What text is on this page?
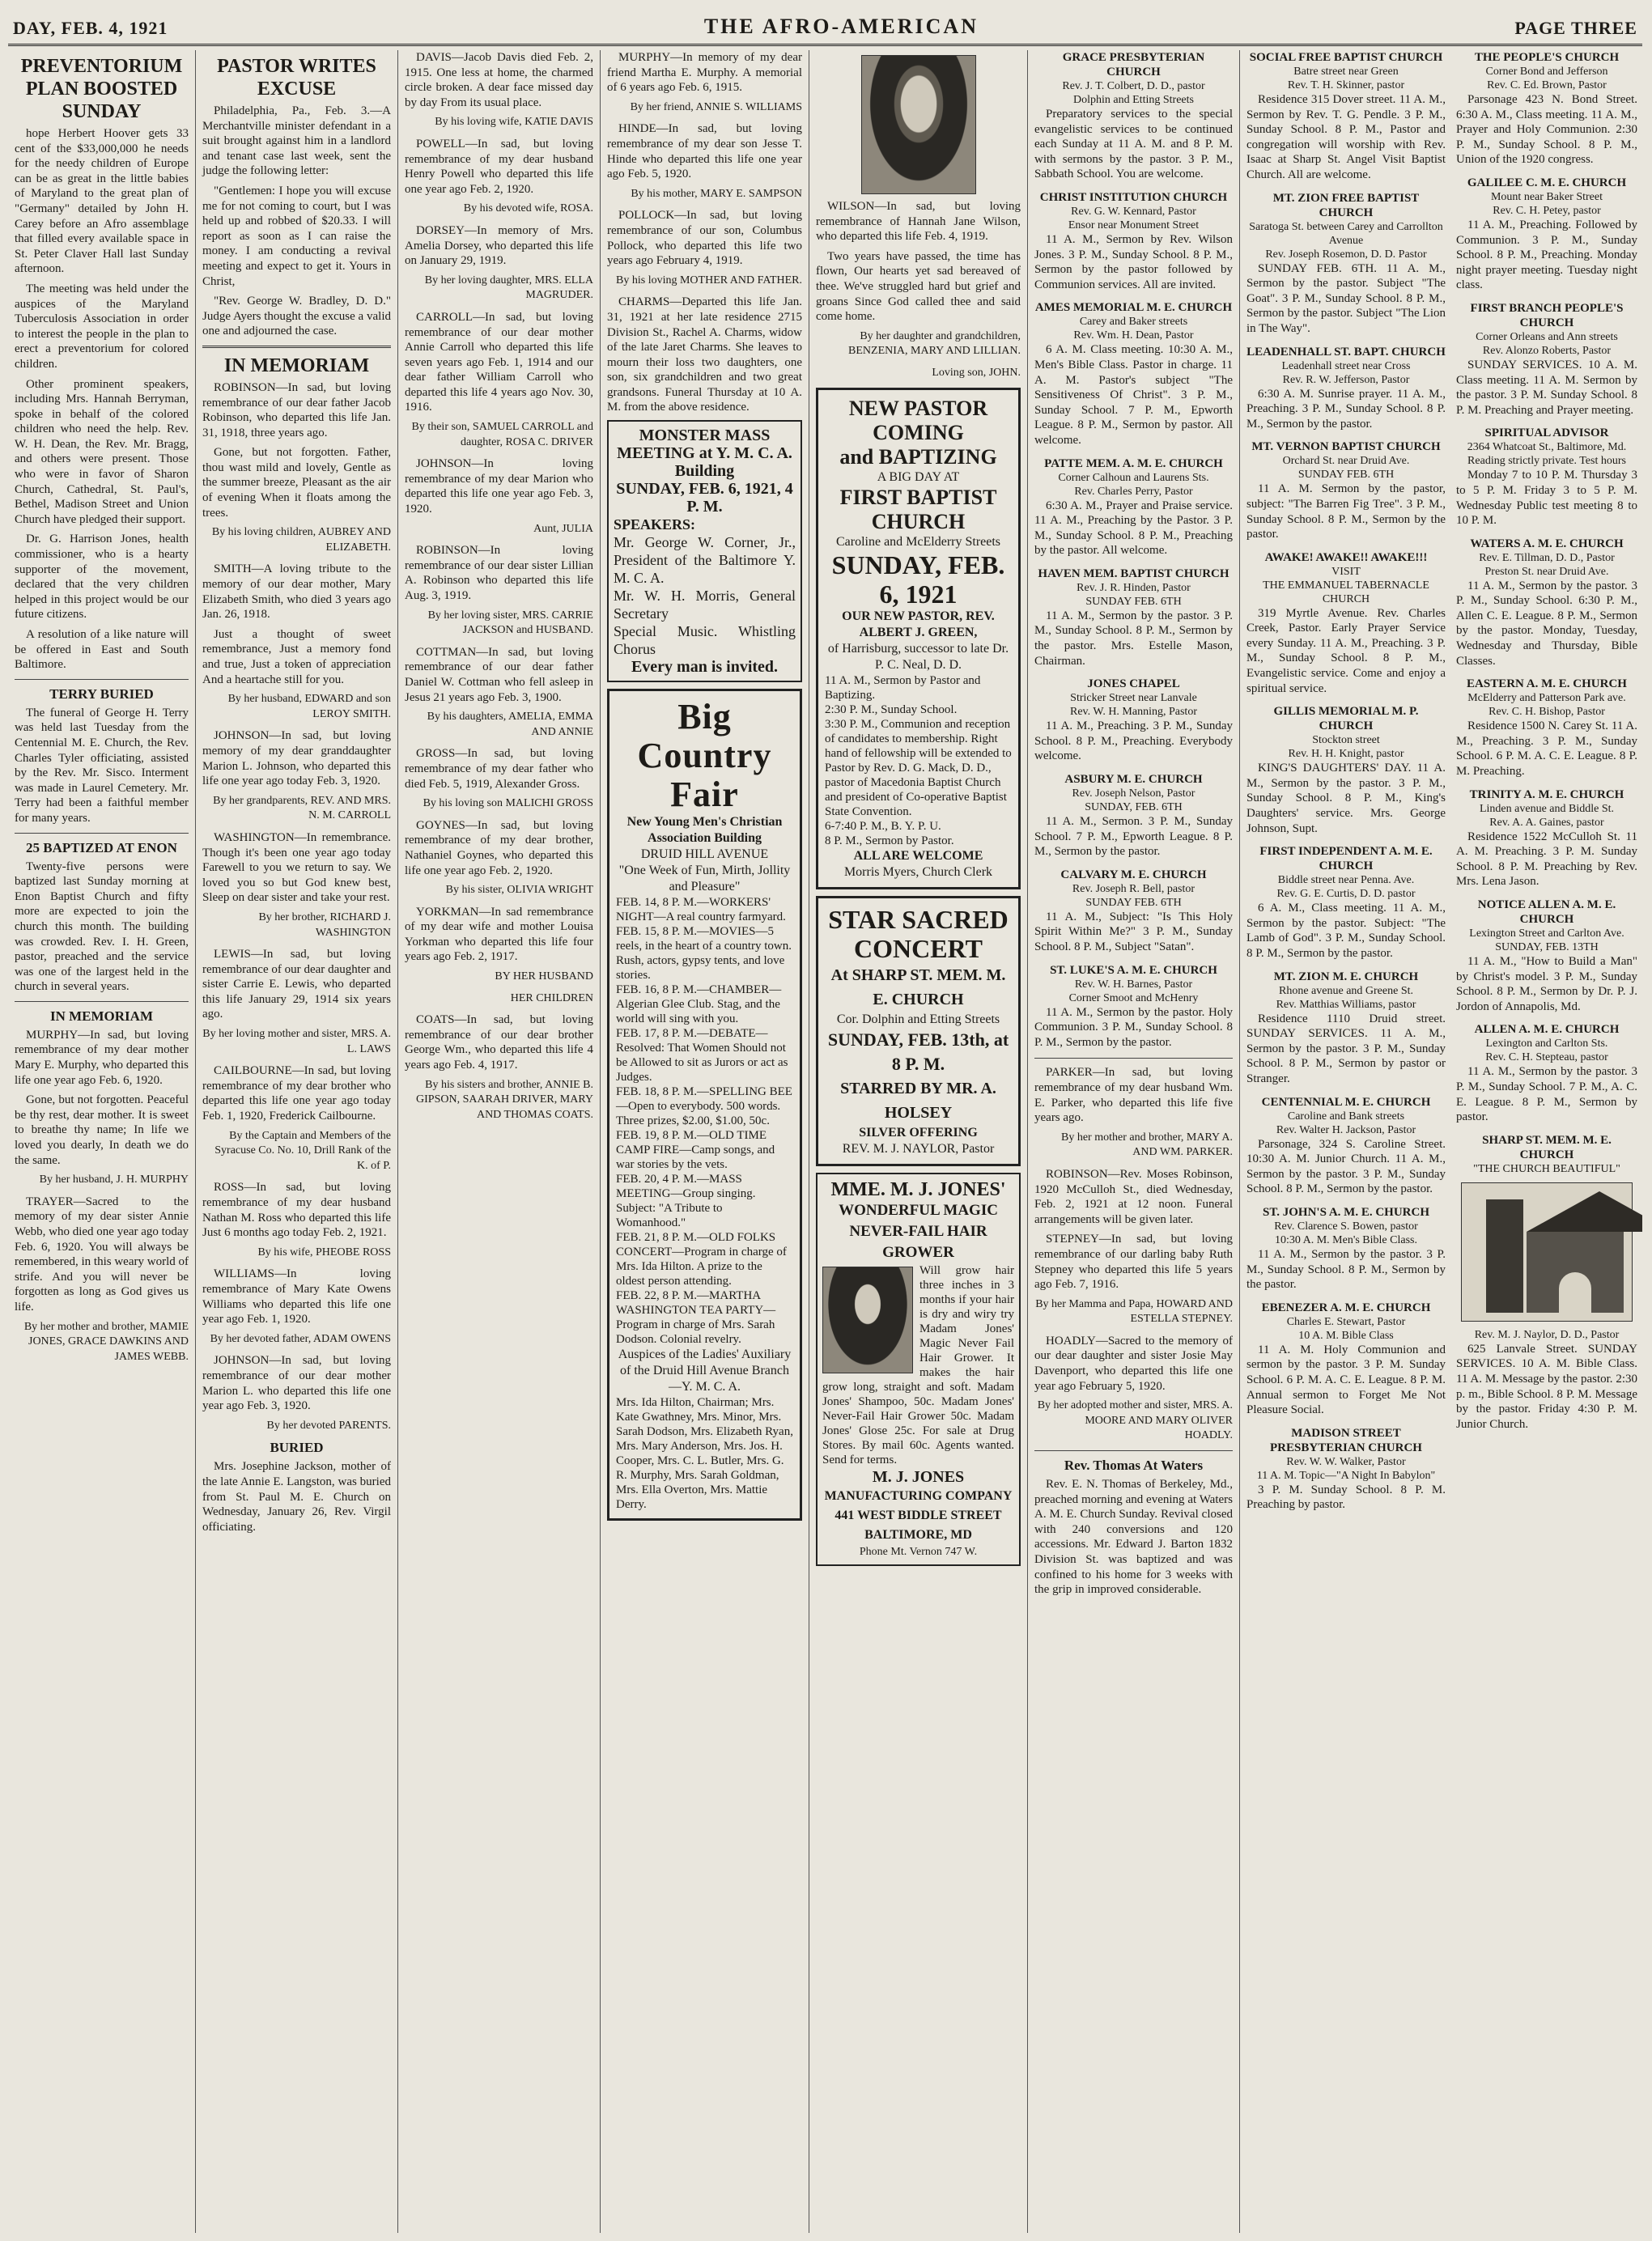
DAY, FEB. 4, 1921	THE AFRO-AMERICAN	PAGE THREE
PREVENTORIUM PLAN BOOSTED SUNDAY

hope Herbert Hoover gets 33 cent of the $33,000,000 he needs for the needy children of Europe can be as great in the little babies of Maryland to the great plan of "Germany" detailed by John H. Carey before an Afro assemblage that filled every available space in St. Peter Claver Hall last Sunday afternoon.

The meeting was held under the auspices of the Maryland Tuberculosis Association in order to interest the people in the plan to erect a preventorium for colored children.

Other prominent speakers, including Mrs. Hannah Berryman, spoke in behalf of the colored children who need the help. Rev. W. H. Dean, the Rev. Mr. Bragg, and others were present. Those who were in favor of Sharon Church, Cathedral, St. Paul's, Bethel, Madison Street and Union Church have pledged their support.

Dr. G. Harrison Jones, health commissioner, who is a hearty supporter of the movement, declared that the very children helped in this project would be our future citizens.

A resolution of a like nature will be offered in East and South Baltimore.

TERRY BURIED

The funeral of George H. Terry was held last Tuesday from the Centennial M. E. Church, the Rev. Charles Tyler officiating, assisted by the Rev. Mr. Sisco. Interment was made in Laurel Cemetery. Mr. Terry had been a faithful member for many years.

25 BAPTIZED AT ENON

Twenty-five persons were baptized last Sunday morning at Enon Baptist Church and fifty more are expected to join the church this month. The building was crowded. Rev. I. H. Green, pastor, preached and the service was one of the largest held in the church in several years.

IN MEMORIAM

MURPHY—In sad, but loving remembrance of my dear mother Mary E. Murphy, who departed this life one year ago Feb. 6, 1920.

Gone, but not forgotten. Peaceful be thy rest, dear mother. It is sweet to breathe thy name; In life we loved you dearly, In death we do the same.

By her husband, J. H. MURPHY

TRAYER—Sacred to the memory of my dear sister Annie Webb, who died one year ago today Feb. 6, 1920. You will always be remembered, in this weary world of strife. And you will never be forgotten as long as God gives us life.

By her mother and brother, MAMIE JONES, GRACE DAWKINS AND JAMES WEBB.
PASTOR WRITES EXCUSE

Philadelphia, Pa., Feb. 3.—A Merchantville minister defendant in a suit brought against him in a landlord and tenant case last week, sent the judge the following letter:

"Gentlemen: I hope you will excuse me for not coming to court, but I was held up and robbed of $20.33. I will report as soon as I can raise the money. I am conducting a revival meeting and expect to get it. Yours in Christ,

"Rev. George W. Bradley, D. D." Judge Ayers thought the excuse a valid one and adjourned the case.

IN MEMORIAM

ROBINSON—In sad, but loving remembrance of our dear father Jacob Robinson, who departed this life Jan. 31, 1918, three years ago.

Gone, but not forgotten. Father, thou wast mild and lovely, Gentle as the summer breeze, Pleasant as the air of evening When it floats among the trees.

By his loving children, AUBREY AND ELIZABETH.

SMITH—A loving tribute to the memory of our dear mother, Mary Elizabeth Smith, who died 3 years ago Jan. 26, 1918.

Just a thought of sweet remembrance, Just a memory fond and true, Just a token of appreciation And a heartache still for you.

By her husband, EDWARD and son LEROY SMITH.

JOHNSON—In sad, but loving memory of my dear granddaughter Marion L. Johnson, who departed this life one year ago today Feb. 3, 1920.

By her grandparents, REV. AND MRS. N. M. CARROLL

WASHINGTON—In remembrance. Though it's been one year ago today Farewell to you we return to say. We loved you so but God knew best, Sleep on dear sister and take your rest.

By her brother, RICHARD J. WASHINGTON

LEWIS—In sad, but loving remembrance of our dear daughter and sister Carrie E. Lewis, who departed this life January 29, 1914 six years ago.

By her loving mother and sister, MRS. A. L. LAWS

CAILBOURNE—In sad, but loving remembrance of my dear brother who departed this life one year ago today Feb. 1, 1920, Frederick Cailbourne.

By the Captain and Members of the Syracuse Co. No. 10, Drill Rank of the K. of P.

ROSS—In sad, but loving remembrance of my dear husband Nathan M. Ross who departed this life Just 6 months ago today Feb. 2, 1921.

By his wife, PHEOBE ROSS

WILLIAMS—In loving remembrance of Mary Kate Owens Williams who departed this life one year ago Feb. 1, 1920.

By her devoted father, ADAM OWENS

JOHNSON—In sad, but loving remembrance of our dear mother Marion L. who departed this life one year ago Feb. 3, 1920.

By her devoted PARENTS.
BURIED

Mrs. Josephine Jackson, mother of the late Annie E. Langston, was buried from St. Paul M. E. Church on Wednesday, January 26, Rev. Virgil officiating.

DAVIS—Jacob Davis died Feb. 2, 1915. One less at home, the charmed circle broken. A dear face missed day by day From its usual place.

By his loving wife, KATIE DAVIS

POWELL—In sad, but loving remembrance of my dear husband Henry Powell who departed this life one year ago Feb. 2, 1920.

By his devoted wife, ROSA.

DORSEY—In memory of Mrs. Amelia Dorsey, who departed this life on January 29, 1919.

By her loving daughter, MRS. ELLA MAGRUDER.

CARROLL—In sad, but loving remembrance of our dear mother Annie Carroll who departed this life seven years ago Feb. 1, 1914 and our dear father William Carroll who departed this life 4 years ago Nov. 30, 1916.

By their son, SAMUEL CARROLL and daughter, ROSA C. DRIVER

JOHNSON—In loving remembrance of my dear Marion who departed this life one year ago Feb. 3, 1920.

Aunt, JULIA

ROBINSON—In loving remembrance of our dear sister Lillian A. Robinson who departed this life Aug. 3, 1919.

By her loving sister, MRS. CARRIE JACKSON and HUSBAND.

COTTMAN—In sad, but loving remembrance of our dear father Daniel W. Cottman who fell asleep in Jesus 21 years ago Feb. 3, 1900.

By his daughters, AMELIA, EMMA AND ANNIE

GROSS—In sad, but loving remembrance of my dear father who died Feb. 5, 1919, Alexander Gross.

By his loving son MALICHI GROSS

GOYNES—In sad, but loving remembrance of my dear brother, Nathaniel Goynes, who departed this life one year ago Feb. 2, 1920.

By his sister, OLIVIA WRIGHT

YORKMAN—In sad remembrance of my dear wife and mother Louisa Yorkman who departed this life four years ago Feb. 2, 1917.

BY HER HUSBAND
HER CHILDREN

COATS—In sad, but loving remembrance of our dear brother George Wm., who departed this life 4 years ago Feb. 4, 1917.

By his sisters and brother, ANNIE B. GIPSON, SAARAH DRIVER, MARY AND THOMAS COATS.

MURPHY—In memory of my dear friend Martha E. Murphy. A memorial of 6 years ago Feb. 6, 1915.

By her friend, ANNIE S. WILLIAMS

HINDE—In sad, but loving remembrance of my dear son Jesse T. Hinde who departed this life one year ago Feb. 5, 1920.

By his mother, MARY E. SAMPSON

POLLOCK—In sad, but loving remembrance of our son, Columbus Pollock, who departed this life two years ago February 4, 1919.

By his loving MOTHER AND FATHER.

CHARMS—Departed this life Jan. 31, 1921 at her late residence 2715 Division St., Rachel A. Charms, widow of the late Jaret Charms. She leaves to mourn their loss two daughters, one son, six grandchildren and two great grandsons. Funeral Thursday at 10 A. M. from the above residence.

MONSTER MASS MEETING at Y. M. C. A. Building
SUNDAY, FEB. 6, 1921, 4 P. M.
SPEAKERS:
Mr. George W. Corner, Jr., President of the Baltimore Y. M. C. A.
Mr. W. H. Morris, General Secretary
Special Music. Whistling Chorus
Every man is invited.
Big Country Fair
New Young Men's Christian Association Building
DRUID HILL AVENUE
"One Week of Fun, Mirth, Jollity and Pleasure"
FEB. 14, 8 P. M.—WORKERS' NIGHT—A real country farmyard.
FEB. 15, 8 P. M.—MOVIES—5 reels, in the heart of a country town. Rush, actors, gypsy tents, and love stories.
FEB. 16, 8 P. M.—CHAMBER—Algerian Glee Club. Stag, and the world will sing with you.
FEB. 17, 8 P. M.—DEBATE—Resolved: That Women Should not be Allowed to sit as Jurors or act as Judges.
FEB. 18, 8 P. M.—SPELLING BEE—Open to everybody. 500 words. Three prizes, $2.00, $1.00, 50c.
FEB. 19, 8 P. M.—OLD TIME CAMP FIRE—Camp songs, and war stories by the vets.
FEB. 20, 4 P. M.—MASS MEETING—Group singing. Subject: "A Tribute to Womanhood."
FEB. 21, 8 P. M.—OLD FOLKS CONCERT—Program in charge of Mrs. Ida Hilton. A prize to the oldest person attending.
FEB. 22, 8 P. M.—MARTHA WASHINGTON TEA PARTY—Program in charge of Mrs. Sarah Dodson. Colonial revelry.
Auspices of the Ladies' Auxiliary of the Druid Hill Avenue Branch—Y. M. C. A.
Mrs. Ida Hilton, Chairman; Mrs. Kate Gwathney, Mrs. Minor, Mrs. Sarah Dodson, Mrs. Elizabeth Ryan, Mrs. Mary Anderson, Mrs. Jos. H. Cooper, Mrs. C. L. Butler, Mrs. G. R. Murphy, Mrs. Sarah Goldman, Mrs. Ella Overton, Mrs. Mattie Derry.

WILSON—In sad, but loving remembrance of Hannah Jane Wilson, who departed this life Feb. 4, 1919.

Two years have passed, the time has flown, Our hearts yet sad bereaved of thee. We've struggled hard but grief and groans Since God called thee and said come home.

By her daughter and grandchildren, BENZENIA, MARY AND LILLIAN.
Loving son, JOHN.
NEW PASTOR COMING
and BAPTIZING
A BIG DAY AT
FIRST BAPTIST CHURCH
Caroline and McElderry Streets
SUNDAY, FEB. 6, 1921
OUR NEW PASTOR, REV. ALBERT J. GREEN,
of Harrisburg, successor to late Dr. P. C. Neal, D. D.
11 A. M., Sermon by Pastor and Baptizing.
2:30 P. M., Sunday School.
3:30 P. M., Communion and reception of candidates to membership. Right hand of fellowship will be extended to Pastor by Rev. D. G. Mack, D. D., pastor of Macedonia Baptist Church and president of Co-operative Baptist State Convention.
6-7:40 P. M., B. Y. P. U.
8 P. M., Sermon by Pastor.
ALL ARE WELCOME
Morris Myers, Church Clerk
STAR SACRED CONCERT
At SHARP ST. MEM. M. E. CHURCH
Cor. Dolphin and Etting Streets
SUNDAY, FEB. 13th, at 8 P. M.
STARRED BY MR. A. HOLSEY
SILVER OFFERING
REV. M. J. NAYLOR, Pastor
MME. M. J. JONES'
WONDERFUL MAGIC NEVER-FAIL HAIR GROWER
Will grow hair three inches in 3 months if your hair is dry and wiry try Madam Jones' Magic Never Fail Hair Grower. It makes the hair grow long, straight and soft. Madam Jones' Shampoo, 50c. Madam Jones' Never-Fail Hair Grower 50c. Madam Jones' Glose 25c. For sale at Drug Stores. By mail 60c. Agents wanted. Send for terms.
M. J. JONES
MANUFACTURING COMPANY
441 WEST BIDDLE STREET
BALTIMORE, MD
Phone Mt. Vernon 747 W.
GRACE PRESBYTERIAN CHURCH
Rev. J. T. Colbert, D. D., pastor
Dolphin and Etting Streets

Preparatory services to the special evangelistic services to be continued each Sunday at 11 A. M. and 8 P. M. with sermons by the pastor. 3 P. M., Sabbath School. You are welcome.

CHRIST INSTITUTION CHURCH
Rev. G. W. Kennard, Pastor
Ensor near Monument Street

11 A. M., Sermon by Rev. Wilson Jones. 3 P. M., Sunday School. 8 P. M., Sermon by the pastor followed by Communion services. All are invited.

AMES MEMORIAL M. E. CHURCH
Carey and Baker streets
Rev. Wm. H. Dean, Pastor

6 A. M. Class meeting. 10:30 A. M., Men's Bible Class. Pastor in charge. 11 A. M. Pastor's subject "The Sensitiveness Of Christ". 3 P. M., Sunday School. 7 P. M., Epworth League. 8 P. M., Sermon by pastor. All welcome.

PATTE MEM. A. M. E. CHURCH
Corner Calhoun and Laurens Sts.
Rev. Charles Perry, Pastor

6:30 A. M., Prayer and Praise service. 11 A. M., Preaching by the Pastor. 3 P. M., Sunday School. 8 P. M., Preaching by the pastor. All welcome.

HAVEN MEM. BAPTIST CHURCH
Rev. J. R. Hinden, Pastor
SUNDAY FEB. 6TH

11 A. M., Sermon by the pastor. 3 P. M., Sunday School. 8 P. M., Sermon by the pastor. Mrs. Estelle Mason, Chairman.

JONES CHAPEL
Stricker Street near Lanvale
Rev. W. H. Manning, Pastor

11 A. M., Preaching. 3 P. M., Sunday School. 8 P. M., Preaching. Everybody welcome.

ASBURY M. E. CHURCH
Rev. Joseph Nelson, Pastor
SUNDAY, FEB. 6TH

11 A. M., Sermon. 3 P. M., Sunday School. 7 P. M., Epworth League. 8 P. M., Sermon by the pastor.

CALVARY M. E. CHURCH
Rev. Joseph R. Bell, pastor
SUNDAY FEB. 6TH

11 A. M., Subject: "Is This Holy Spirit Within Me?" 3 P. M., Sunday School. 8 P. M., Subject "Satan".

ST. LUKE'S A. M. E. CHURCH
Rev. W. H. Barnes, Pastor
Corner Smoot and McHenry

11 A. M., Sermon by the pastor. Holy Communion. 3 P. M., Sunday School. 8 P. M., Sermon by the pastor.

PARKER—In sad, but loving remembrance of my dear husband Wm. E. Parker, who departed this life five years ago.

By her mother and brother, MARY A. AND WM. PARKER.

ROBINSON—Rev. Moses Robinson, 1920 McCulloh St., died Wednesday, Feb. 2, 1921 at 12 noon. Funeral arrangements will be given later.

STEPNEY—In sad, but loving remembrance of our darling baby Ruth Stepney who departed this life 5 years ago Feb. 7, 1916.

By her Mamma and Papa, HOWARD AND ESTELLA STEPNEY.

HOADLY—Sacred to the memory of our dear daughter and sister Josie May Davenport, who departed this life one year ago February 5, 1920.

By her adopted mother and sister, MRS. A. MOORE AND MARY OLIVER HOADLY.
Rev. Thomas At Waters

Rev. E. N. Thomas of Berkeley, Md., preached morning and evening at Waters A. M. E. Church Sunday. Revival closed with 240 conversions and 120 accessions. Mr. Edward J. Barton 1832 Division St. was baptized and was confined to his home for 3 weeks with the grip in improved considerable.

SOCIAL FREE BAPTIST CHURCH
Batre street near Green
Rev. T. H. Skinner, pastor

Residence 315 Dover street. 11 A. M., Sermon by Rev. T. G. Pendle. 3 P. M., Sunday School. 8 P. M., Pastor and congregation will worship with Rev. Isaac at Sharp St. Angel Visit Baptist Church. All are welcome.

MT. ZION FREE BAPTIST CHURCH
Saratoga St. between Carey and Carrollton Avenue
Rev. Joseph Rosemon, D. D. Pastor

SUNDAY FEB. 6TH. 11 A. M., Sermon by the pastor. Subject "The Goat". 3 P. M., Sunday School. 8 P. M., Sermon by the pastor. Subject "The Lion in The Way".

LEADENHALL ST. BAPT. CHURCH
Leadenhall street near Cross
Rev. R. W. Jefferson, Pastor

6:30 A. M. Sunrise prayer. 11 A. M., Preaching. 3 P. M., Sunday School. 8 P. M., Sermon by the pastor.

MT. VERNON BAPTIST CHURCH
Orchard St. near Druid Ave.
SUNDAY FEB. 6TH

11 A. M. Sermon by the pastor, subject: "The Barren Fig Tree". 3 P. M., Sunday School. 8 P. M., Sermon by the pastor.

AWAKE! AWAKE!! AWAKE!!!
VISIT
THE EMMANUEL TABERNACLE CHURCH

319 Myrtle Avenue. Rev. Charles Creek, Pastor. Early Prayer Service every Sunday. 11 A. M., Preaching. 3 P. M., Sunday School. 8 P. M., Evangelistic service. Come and enjoy a spiritual service.

GILLIS MEMORIAL M. P. CHURCH
Stockton street
Rev. H. H. Knight, pastor

KING'S DAUGHTERS' DAY. 11 A. M., Sermon by the pastor. 3 P. M., Sunday School. 8 P. M., King's Daughters' service. Mrs. George Johnson, Supt.

FIRST INDEPENDENT A. M. E. CHURCH
Biddle street near Penna. Ave.
Rev. G. E. Curtis, D. D. pastor

6 A. M., Class meeting. 11 A. M., Sermon by the pastor. Subject: "The Lamb of God". 3 P. M., Sunday School. 8 P. M., Sermon by the pastor.

MT. ZION M. E. CHURCH
Rhone avenue and Greene St.
Rev. Matthias Williams, pastor

Residence 1110 Druid street. SUNDAY SERVICES. 11 A. M., Sermon by the pastor. 3 P. M., Sunday School. 8 P. M., Sermon by pastor or Stranger.

CENTENNIAL M. E. CHURCH
Caroline and Bank streets
Rev. Walter H. Jackson, Pastor

Parsonage, 324 S. Caroline Street. 10:30 A. M. Junior Church. 11 A. M., Sermon by the pastor. 3 P. M., Sunday School. 8 P. M., Sermon by the pastor.

ST. JOHN'S A. M. E. CHURCH
Rev. Clarence S. Bowen, pastor
10:30 A. M. Men's Bible Class.

11 A. M., Sermon by the pastor. 3 P. M., Sunday School. 8 P. M., Sermon by the pastor.

EBENEZER A. M. E. CHURCH
Charles E. Stewart, Pastor
10 A. M. Bible Class

11 A. M. Holy Communion and sermon by the pastor. 3 P. M. Sunday School. 6 P. M. A. C. E. League. 8 P. M. Annual sermon to Forget Me Not Pleasure Social.

MADISON STREET PRESBYTERIAN CHURCH
Rev. W. W. Walker, Pastor
11 A. M. Topic—"A Night In Babylon"

3 P. M. Sunday School. 8 P. M. Preaching by pastor.

THE PEOPLE'S CHURCH
Corner Bond and Jefferson
Rev. C. Ed. Brown, Pastor

Parsonage 423 N. Bond Street. 6:30 A. M., Class meeting. 11 A. M., Prayer and Holy Communion. 2:30 P. M., Sunday School. 8 P. M., Union of the 1920 congress.

GALILEE C. M. E. CHURCH
Mount near Baker Street
Rev. C. H. Petey, pastor

11 A. M., Preaching. Followed by Communion. 3 P. M., Sunday School. 8 P. M., Preaching. Monday night prayer meeting. Tuesday night class.

FIRST BRANCH PEOPLE'S CHURCH
Corner Orleans and Ann streets
Rev. Alonzo Roberts, Pastor

SUNDAY SERVICES. 10 A. M. Class meeting. 11 A. M. Sermon by the pastor. 3 P. M. Sunday School. 8 P. M. Preaching and Prayer meeting.

SPIRITUAL ADVISOR
2364 Whatcoat St., Baltimore, Md.
Reading strictly private. Test hours

Monday 7 to 10 P. M. Thursday 3 to 5 P. M. Friday 3 to 5 P. M. Wednesday Public test meeting 8 to 10 P. M.

WATERS A. M. E. CHURCH
Rev. E. Tillman, D. D., Pastor
Preston St. near Druid Ave.

11 A. M., Sermon by the pastor. 3 P. M., Sunday School. 6:30 P. M., Allen C. E. League. 8 P. M., Sermon by the pastor. Monday, Tuesday, Wednesday and Thursday, Bible Classes.

EASTERN A. M. E. CHURCH
McElderry and Patterson Park ave.
Rev. C. H. Bishop, Pastor

Residence 1500 N. Carey St. 11 A. M., Preaching. 3 P. M., Sunday School. 6 P. M. A. C. E. League. 8 P. M. Preaching.

TRINITY A. M. E. CHURCH
Linden avenue and Biddle St.
Rev. A. A. Gaines, pastor

Residence 1522 McCulloh St. 11 A. M. Preaching. 3 P. M. Sunday School. 8 P. M. Preaching by Rev. Mrs. Lena Jason.

NOTICE ALLEN A. M. E. CHURCH
Lexington Street and Carlton Ave.
SUNDAY, FEB. 13TH

11 A. M., "How to Build a Man" by Christ's model. 3 P. M., Sunday School. 8 P. M., Sermon by Dr. P. J. Jordon of Annapolis, Md.

ALLEN A. M. E. CHURCH
Lexington and Carlton Sts.
Rev. C. H. Stepteau, pastor

11 A. M., Sermon by the pastor. 3 P. M., Sunday School. 7 P. M., A. C. E. League. 8 P. M., Sermon by pastor.

SHARP ST. MEM. M. E. CHURCH
"THE CHURCH BEAUTIFUL"
Rev. M. J. Naylor, D. D., Pastor

625 Lanvale Street. SUNDAY SERVICES. 10 A. M. Bible Class. 11 A. M. Message by the pastor. 2:30 p. m., Bible School. 8 P. M. Message by the pastor. Friday 4:30 P. M. Junior Church.
